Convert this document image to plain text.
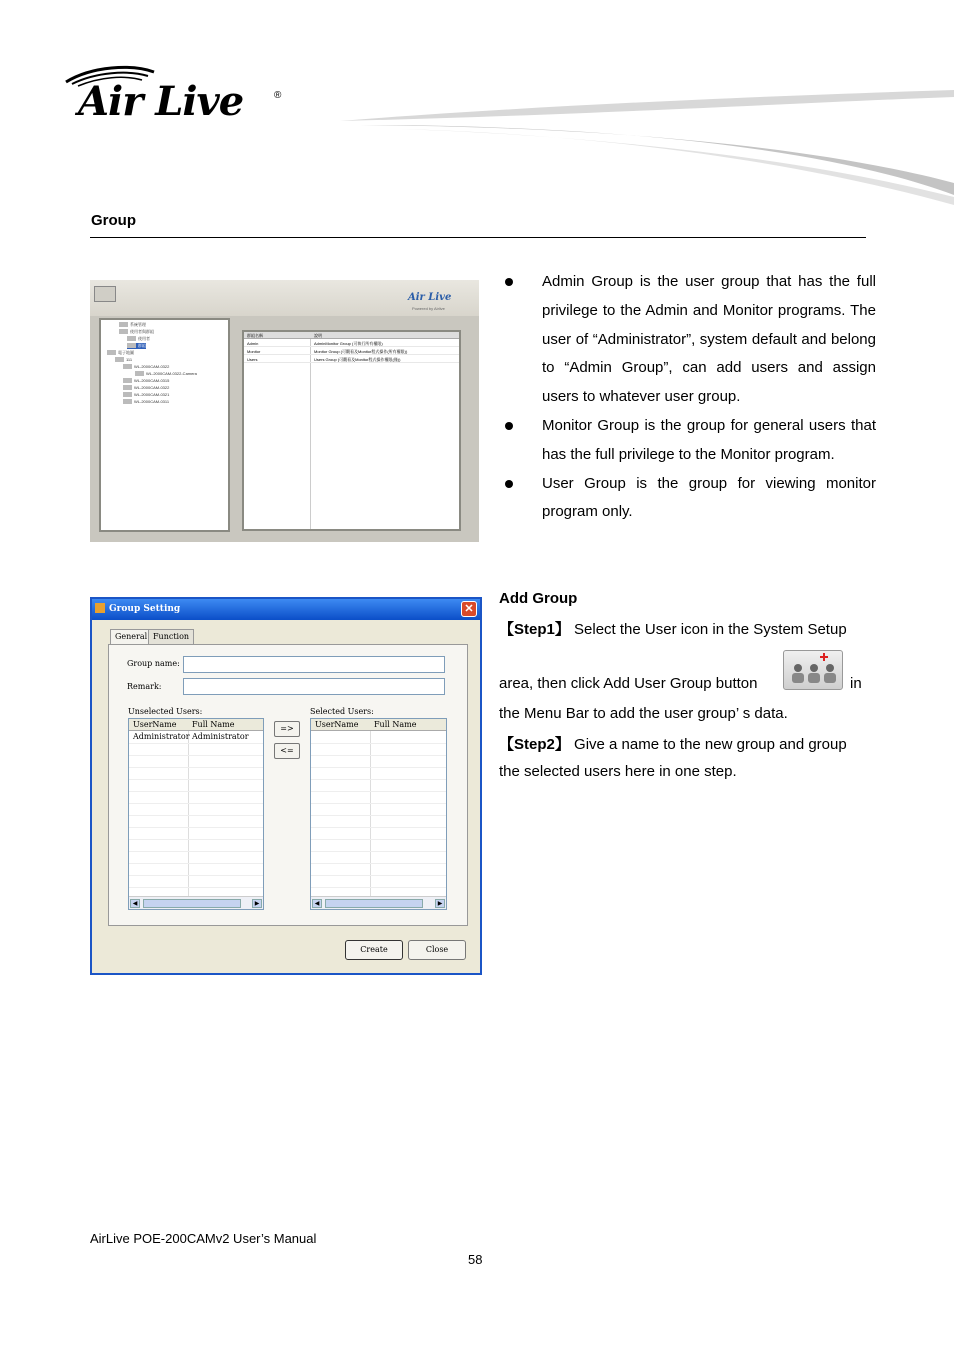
Air Live	®
Group
Air Live
Powered by Airlive
系統管理
使用者與群組
使用者
群組
電子地圖
111
WL-2000CAM-0322
WL-2000CAM-0322-Camera
WL-2000CAM-0315
WL-2000CAM-0322
WL-2000CAM-0321
WL-2000CAM-0311
群組名稱	說明
Admin	AdminMonitor Group (可執行所有權限)
Monitor	Monitor Group (可觀看及Monitor程式操作(所有權限))
Users	Users Group (可觀看及Monitor程式操作權限(僅))
Admin Group is the user group that has the full privilege to the Admin and Monitor programs. The user of “Administrator”, system default and belong to “Admin Group”, can add users and assign users to whatever user group.
Monitor Group is the group for general users that has the full privilege to the Monitor program.
User Group is the group for viewing monitor program only.
Group Setting	✕
General Function
Group name:
Remark:
Unselected Users:
UserName Full Name
Administrator Administrator
◀	▶
=>
<=
Selected Users:
UserName Full Name
◀	▶
Create	Close
Add Group
【Step1】 Select the User icon in the System Setup
area, then click Add User Group button	in
the Menu Bar to add the user group’ s data.
【Step2】 Give a name to the new group and group
the selected users here in one step.
AirLive POE-200CAMv2 User’s Manual
58
